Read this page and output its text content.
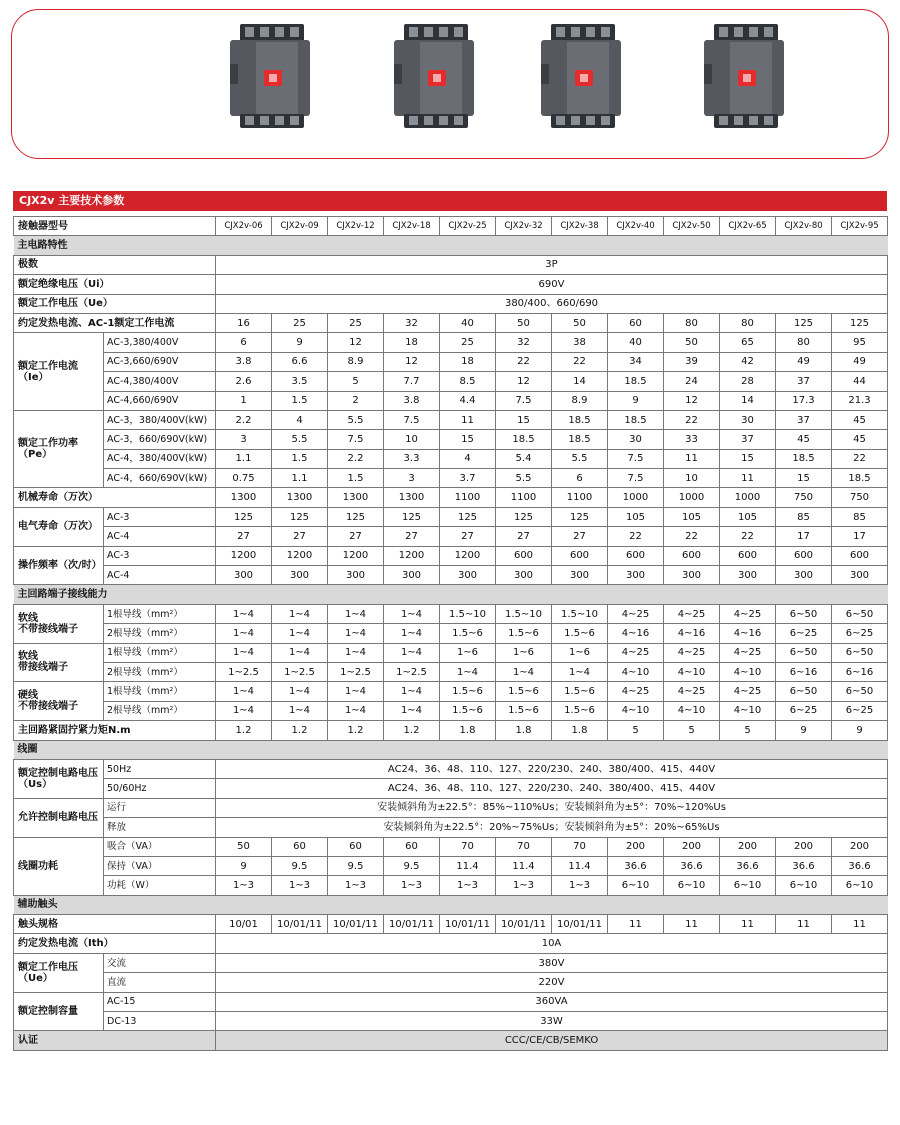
CJX2v 主要技术参数
接触器型号		CJX2v-06	CJX2v-09	CJX2v-12	CJX2v-18	CJX2v-25	CJX2v-32	CJX2v-38	CJX2v-40	CJX2v-50	CJX2v-65	CJX2v-80	CJX2v-95
主电路特性													
极数		3P											
额定绝缘电压（Ui）		690V											
额定工作电压（Ue）		380/400、660/690											
约定发热电流、AC-1额定工作电流		16	25	25	32	40	50	50	60	80	80	125	125
额定工作电流（Ie）	AC-3,380/400V	6	9	12	18	25	32	38	40	50	65	80	95
	AC-3,660/690V	3.8	6.6	8.9	12	18	22	22	34	39	42	49	49
	AC-4,380/400V	2.6	3.5	5	7.7	8.5	12	14	18.5	24	28	37	44
	AC-4,660/690V	1	1.5	2	3.8	4.4	7.5	8.9	9	12	14	17.3	21.3
额定工作功率（Pe）	AC-3，380/400V(kW)	2.2	4	5.5	7.5	11	15	18.5	18.5	22	30	37	45
	AC-3，660/690V(kW)	3	5.5	7.5	10	15	18.5	18.5	30	33	37	45	45
	AC-4，380/400V(kW)	1.1	1.5	2.2	3.3	4	5.4	5.5	7.5	11	15	18.5	22
	AC-4，660/690V(kW)	0.75	1.1	1.5	3	3.7	5.5	6	7.5	10	11	15	18.5
机械寿命（万次）		1300	1300	1300	1300	1100	1100	1100	1000	1000	1000	750	750
电气寿命（万次）	AC-3	125	125	125	125	125	125	125	105	105	105	85	85
	AC-4	27	27	27	27	27	27	27	22	22	22	17	17
操作频率（次/时）	AC-3	1200	1200	1200	1200	1200	600	600	600	600	600	600	600
	AC-4	300	300	300	300	300	300	300	300	300	300	300	300
主回路端子接线能力													
软线
不带接线端子	1根导线（mm²）	1~4	1~4	1~4	1~4	1.5~10	1.5~10	1.5~10	4~25	4~25	4~25	6~50	6~50
	2根导线（mm²）	1~4	1~4	1~4	1~4	1.5~6	1.5~6	1.5~6	4~16	4~16	4~16	6~25	6~25
软线
带接线端子	1根导线（mm²）	1~4	1~4	1~4	1~4	1~6	1~6	1~6	4~25	4~25	4~25	6~50	6~50
	2根导线（mm²）	1~2.5	1~2.5	1~2.5	1~2.5	1~4	1~4	1~4	4~10	4~10	4~10	6~16	6~16
硬线
不带接线端子	1根导线（mm²）	1~4	1~4	1~4	1~4	1.5~6	1.5~6	1.5~6	4~25	4~25	4~25	6~50	6~50
	2根导线（mm²）	1~4	1~4	1~4	1~4	1.5~6	1.5~6	1.5~6	4~10	4~10	4~10	6~25	6~25
主回路紧固拧紧力矩N.m		1.2	1.2	1.2	1.2	1.8	1.8	1.8	5	5	5	9	9
线圈													
额定控制电路电压（Us）	50Hz	AC24、36、48、110、127、220/230、240、380/400、415、440V											
	50/60Hz	AC24、36、48、110、127、220/230、240、380/400、415、440V											
允许控制电路电压	运行	安装倾斜角为±22.5°：85%~110%Us；安装倾斜角为±5°：70%~120%Us											
	释放	安装倾斜角为±22.5°：20%~75%Us；安装倾斜角为±5°：20%~65%Us											
线圈功耗	吸合（VA）	50	60	60	60	70	70	70	200	200	200	200	200
	保持（VA）	9	9.5	9.5	9.5	11.4	11.4	11.4	36.6	36.6	36.6	36.6	36.6
	功耗（W）	1~3	1~3	1~3	1~3	1~3	1~3	1~3	6~10	6~10	6~10	6~10	6~10
辅助触头													
触头规格		10/01	10/01/11	10/01/11	10/01/11	10/01/11	10/01/11	10/01/11	11	11	11	11	11
约定发热电流（Ith）		10A											
额定工作电压（Ue）	交流	380V											
	直流	220V											
额定控制容量	AC-15	360VA											
	DC-13	33W											
认证		CCC/CE/CB/SEMKO											
